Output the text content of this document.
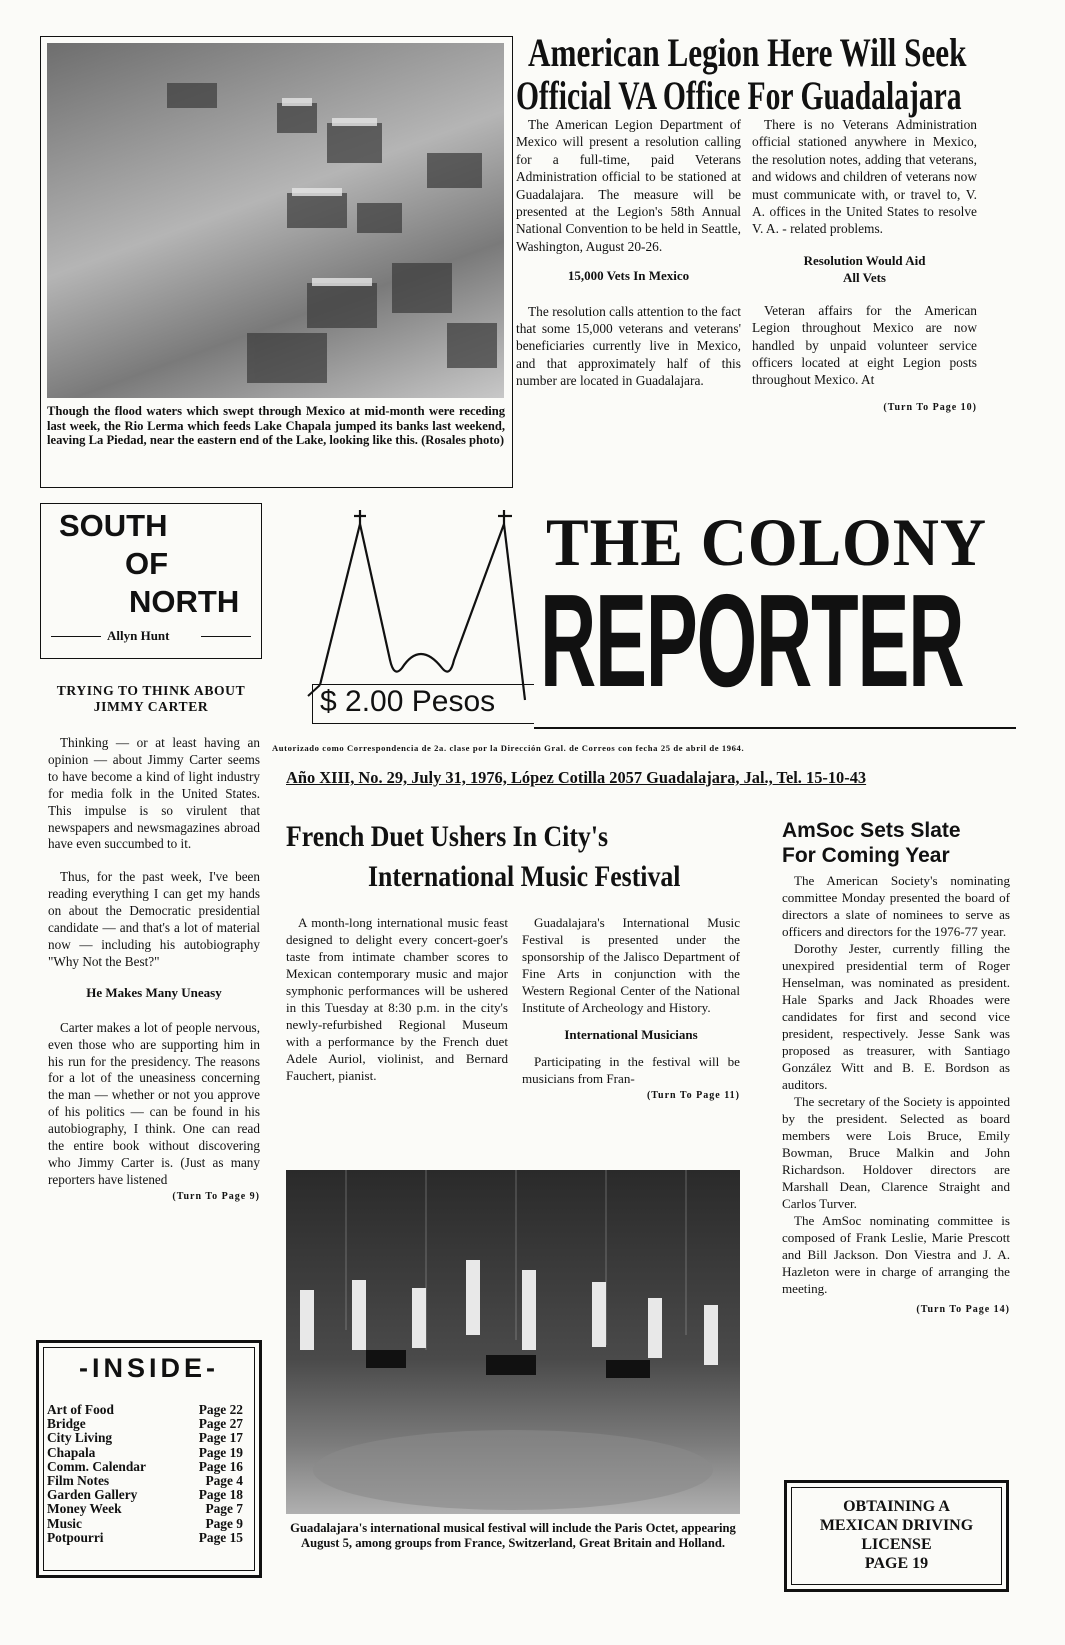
Though the flood waters which swept through Mexico at mid-month were receding last week, the Rio Lerma which feeds Lake Chapala jumped its banks last weekend, leaving La Piedad, near the eastern end of the Lake, looking like this. (Rosales photo)
American Legion Here Will Seek
Official VA Office For Guadalajara

The American Legion Department of Mexico will present a resolution calling for a full-time, paid Veterans Administration official to be stationed at Guadalajara. The measure will be presented at the Legion's 58th Annual National Convention to be held in Seattle, Washington, August 20-26.

15,000 Vets In Mexico

The resolution calls attention to the fact that some 15,000 veterans and veterans' beneficiaries currently live in Mexico, and that approximately half of this number are located in Guadalajara.

There is no Veterans Administration official stationed anywhere in Mexico, the resolution notes, adding that veterans, and widows and children of veterans now must communicate with, or travel to, V. A. offices in the United States to resolve V. A. - related problems.

Resolution Would Aid
All Vets

Veteran affairs for the American Legion throughout Mexico are now handled by unpaid volunteer service officers located at eight Legion posts throughout Mexico. At

(Turn To Page 10)
SOUTH
OF
NORTH
Allyn Hunt
TRYING TO THINK ABOUT JIMMY CARTER

Thinking — or at least having an opinion — about Jimmy Carter seems to have become a kind of light industry for media folk in the United States. This impulse is so virulent that newspapers and newsmagazines abroad have even succumbed to it.

Thus, for the past week, I've been reading everything I can get my hands on about the Democratic presidential candidate — and that's a lot of material now — including his autobiography "Why Not the Best?"

He Makes Many Uneasy

Carter makes a lot of people nervous, even those who are supporting him in his run for the presidency. The reasons for a lot of the uneasiness concerning the man — whether or not you approve of his politics — can be found in his autobiography, I think. One can read the entire book without discovering who Jimmy Carter is. (Just as many reporters have listened

(Turn To Page 9)
-INSIDE-
Art of Food	Page 22
Bridge	Page 27
City Living	Page 17
Chapala	Page 19
Comm. Calendar	Page 16
Film Notes	Page 4
Garden Gallery	Page 18
Money Week	Page 7
Music	Page 9
Potpourri	Page 15
$ 2.00 Pesos
THE COLONY
REPORTER
Autorizado como Correspondencia de 2a. clase por la Dirección Gral. de Correos con fecha 25 de abril de 1964.
Año XIII, No. 29, July 31, 1976, López Cotilla 2057 Guadalajara, Jal., Tel. 15-10-43
French Duet Ushers In City's
International Music Festival

A month-long international music feast designed to delight every concert-goer's taste from intimate chamber scores to Mexican contemporary music and major symphonic performances will be ushered in this Tuesday at 8:30 p.m. in the city's newly-refurbished Regional Museum with a performance by the French duet Adele Auriol, violinist, and Bernard Fauchert, pianist.

Guadalajara's International Music Festival is presented under the sponsorship of the Jalisco Department of Fine Arts in conjunction with the Western Regional Center of the National Institute of Archeology and History.

International Musicians

Participating in the festival will be musicians from Fran-

(Turn To Page 11)
Guadalajara's international musical festival will include the Paris Octet, appearing August 5, among groups from France, Switzerland, Great Britain and Holland.
AmSoc Sets Slate
For Coming Year

The American Society's nominating committee Monday presented the board of directors a slate of nominees to serve as officers and directors for the 1976-77 year.

Dorothy Jester, currently filling the unexpired presidential term of Roger Henselman, was nominated as president. Hale Sparks and Jack Rhoades were candidates for first and second vice president, respectively. Jesse Sank was proposed as treasurer, with Santiago González Witt and B. E. Bordson as auditors.

The secretary of the Society is appointed by the president. Selected as board members were Lois Bruce, Emily Bowman, Bruce Malkin and John Richardson. Holdover directors are Marshall Dean, Clarence Straight and Carlos Turver.

The AmSoc nominating committee is composed of Frank Leslie, Marie Prescott and Bill Jackson. Don Viestra and J. A. Hazleton were in charge of arranging the meeting.

(Turn To Page 14)
OBTAINING A
MEXICAN DRIVING
LICENSE
PAGE 19
